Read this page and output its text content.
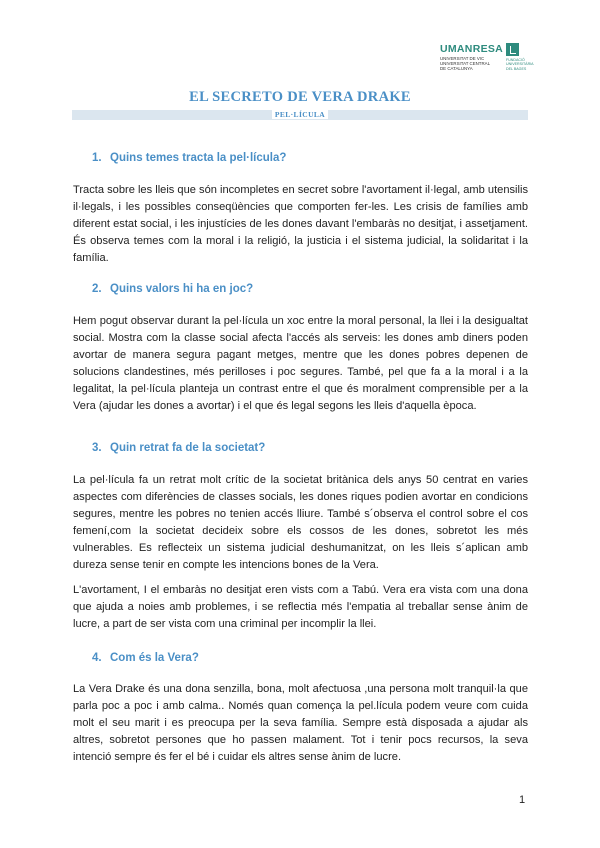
UMANRESA
UNIVERSITAT DE VIC
UNIVERSITAT CENTRAL
DE CATALUNYA
FUNDACIÓ
UNIVERSITÀRIA
DEL BAGES
EL SECRETO DE VERA DRAKE
PEL·LÍCULA
1. Quins temes tracta la pel·lícula?

Tracta sobre les lleis que són incompletes en secret sobre l'avortament il·legal, amb utensilis il·legals, i les possibles conseqüències que comporten fer-les. Les crisis de famílies amb diferent estat social, i les injustícies de les dones davant l'embaràs no desitjat, i assetjament. És observa temes com la moral i la religió, la justicia i el sistema judicial, la solidaritat i la família.

2. Quins valors hi ha en joc?

Hem pogut observar durant la pel·lícula un xoc entre la moral personal, la llei i la desigualtat social. Mostra com la classe social afecta l'accés als serveis: les dones amb diners poden avortar de manera segura pagant metges, mentre que les dones pobres depenen de solucions clandestines, més perilloses i poc segures. També, pel que fa a la moral i a la legalitat, la pel·lícula planteja un contrast entre el que és moralment comprensible per a la Vera (ajudar les dones a avortar) i el que és legal segons les lleis d'aquella època.

3. Quin retrat fa de la societat?

La pel·lícula fa un retrat molt crític de la societat britànica dels anys 50 centrat en varies aspectes com diferències de classes socials, les dones riques podien avortar en condicions segures, mentre les pobres no tenien accés lliure. També s´observa el control sobre el cos femení,com la societat decideix sobre els cossos de les dones, sobretot les més vulnerables. Es reflecteix un sistema judicial deshumanitzat, on les lleis s´aplican amb dureza sense tenir en compte les intencions bones de la Vera.

L'avortament, I el embaràs no desitjat eren vists com a Tabú. Vera era vista com una dona que ajuda a noies amb problemes, i se reflectia més l'empatia al treballar sense ànim de lucre, a part de ser vista com una criminal per incomplir la llei.

4. Com és la Vera?

La Vera Drake és una dona senzilla, bona, molt afectuosa ,una persona molt tranquil·la que parla poc a poc i amb calma.. Només quan comença la pel.lícula podem veure com cuida molt el seu marit i es preocupa per la seva família. Sempre està disposada a ajudar als altres, sobretot persones que ho passen malament. Tot i tenir pocs recursos, la seva intenció sempre és fer el bé i cuidar els altres sense ànim de lucre.

1
